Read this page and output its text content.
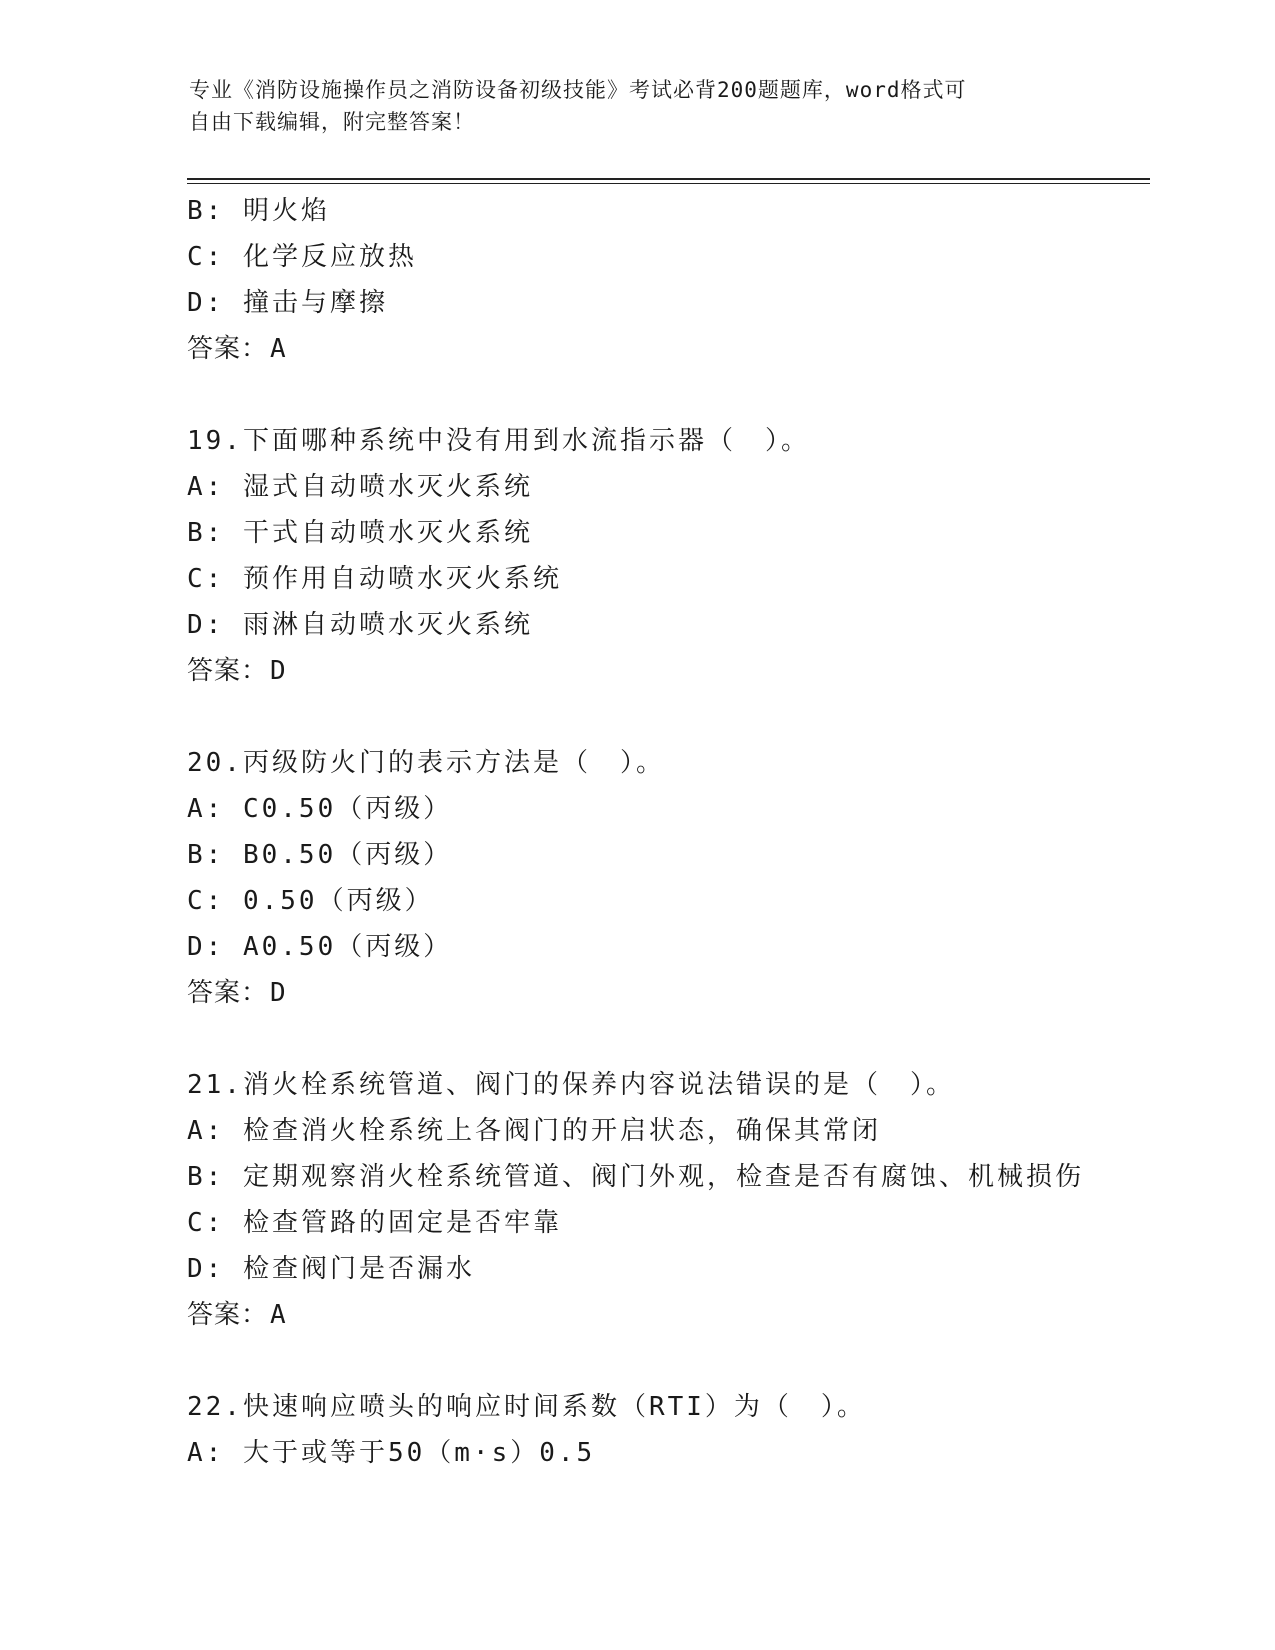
专业《消防设施操作员之消防设备初级技能》考试必背200题题库，word格式可
自由下载编辑，附完整答案！
B: 明火焰
C: 化学反应放热
D: 撞击与摩擦
答案：A
19.下面哪种系统中没有用到水流指示器（　）。
A: 湿式自动喷水灭火系统
B: 干式自动喷水灭火系统
C: 预作用自动喷水灭火系统
D: 雨淋自动喷水灭火系统
答案：D
20.丙级防火门的表示方法是（　）。
A: C0.50（丙级）
B: B0.50（丙级）
C: 0.50（丙级）
D: A0.50（丙级）
答案：D
21.消火栓系统管道、阀门的保养内容说法错误的是（　）。
A: 检查消火栓系统上各阀门的开启状态，确保其常闭
B: 定期观察消火栓系统管道、阀门外观，检查是否有腐蚀、机械损伤
C: 检查管路的固定是否牢靠
D: 检查阀门是否漏水
答案：A
22.快速响应喷头的响应时间系数（RTI）为（　）。
A: 大于或等于50（m·s）0.5
